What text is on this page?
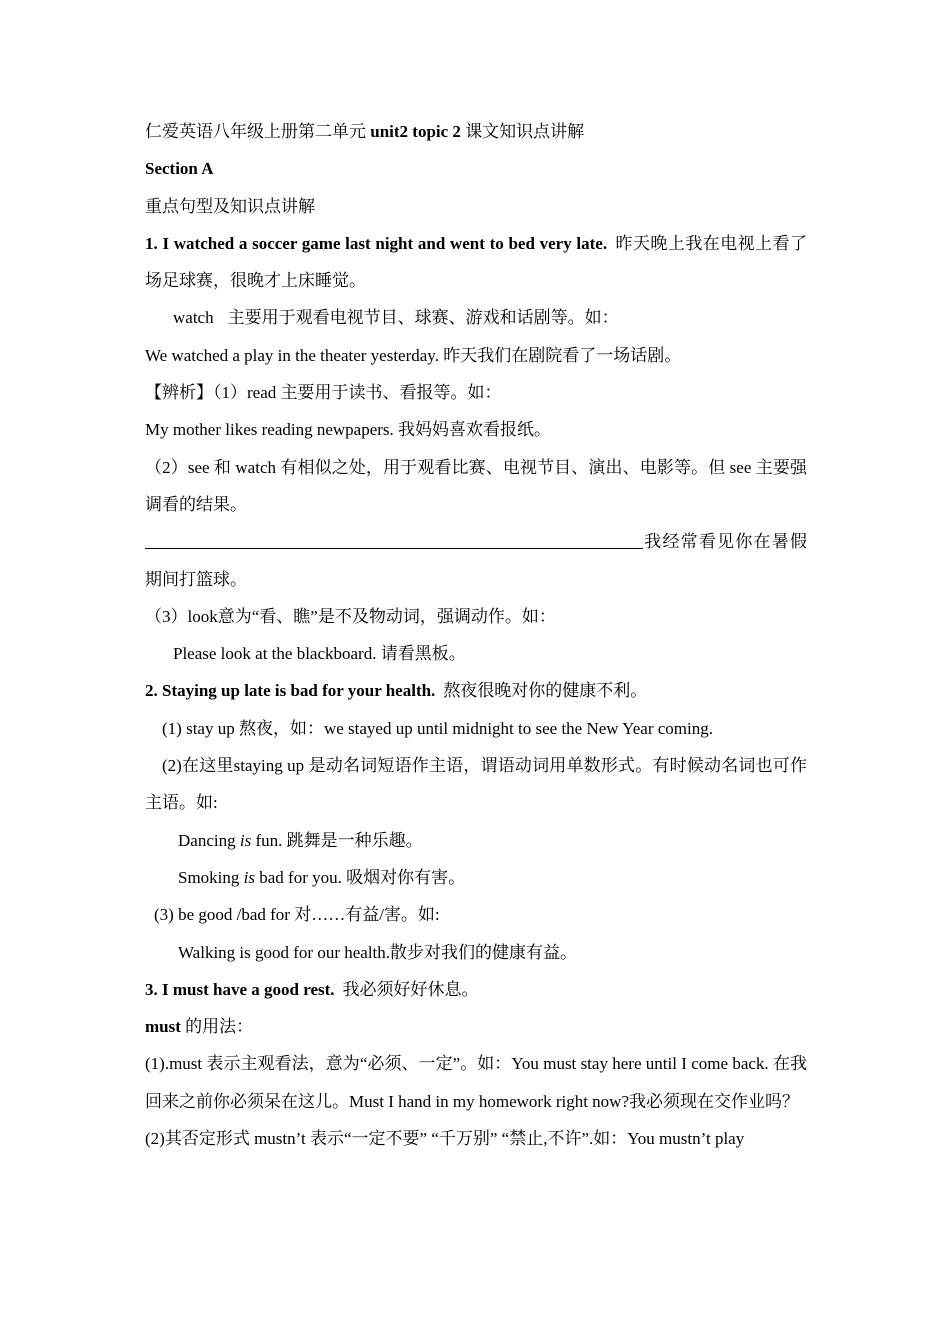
仁爱英语八年级上册第二单元 unit2 topic 2 课文知识点讲解

Section A

重点句型及知识点讲解

1. I watched a soccer game last night and went to bed very late. 昨天晚上我在电视上看了场足球赛，很晚才上床睡觉。

watch 主要用于观看电视节目、球赛、游戏和话剧等。如：

We watched a play in the theater yesterday. 昨天我们在剧院看了一场话剧。

【辨析】（1）read 主要用于读书、看报等。如：

My mother likes reading newpapers. 我妈妈喜欢看报纸。

（2）see 和 watch 有相似之处，用于观看比赛、电视节目、演出、电影等。但 see 主要强调看的结果。

我经常看见你在暑假期间打篮球。

（3）look意为“看、瞧”是不及物动词，强调动作。如：

Please look at the blackboard. 请看黑板。

2. Staying up late is bad for your health. 熬夜很晚对你的健康不利。

(1) stay up 熬夜，如：we stayed up until midnight to see the New Year coming.

(2)在这里staying up 是动名词短语作主语，谓语动词用单数形式。有时候动名词也可作主语。如:

Dancing is fun. 跳舞是一种乐趣。

Smoking is bad for you. 吸烟对你有害。

(3) be good /bad for 对……有益/害。如:

Walking is good for our health.散步对我们的健康有益。

3. I must have a good rest. 我必须好好休息。

must 的用法：

(1).must 表示主观看法，意为“必须、一定”。如：You must stay here until I come back. 在我回来之前你必须呆在这儿。Must I hand in my homework right now?我必须现在交作业吗？

(2)其否定形式 mustn’t 表示“一定不要” “千万别” “禁止,不许”.如：You mustn’t play
